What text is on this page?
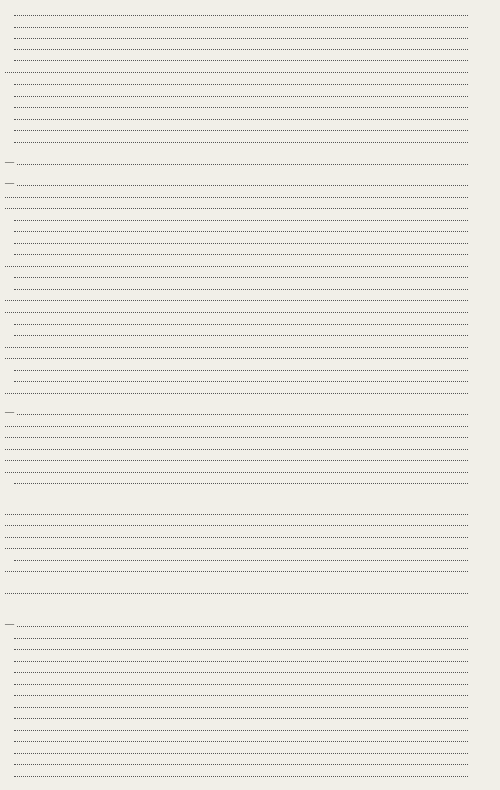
—
—
—
—
